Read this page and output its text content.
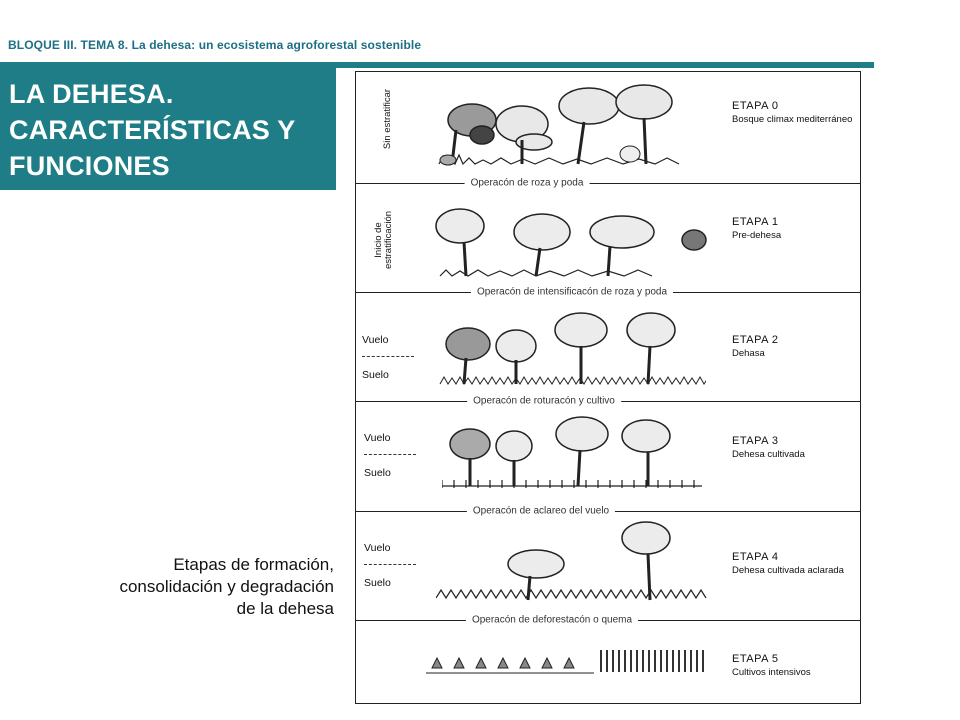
BLOQUE III. TEMA 8. La dehesa: un ecosistema agroforestal sostenible
LA DEHESA.
CARACTERÍSTICAS Y
FUNCIONES
Etapas de formación,
consolidación y degradación
de la dehesa
Sin estratificar	ETAPA 0
Bosque climax mediterráneo
Operacón de roza y poda
Inicio de estratificación	ETAPA 1
Pre-dehesa
Operacón de intensificacón de roza y poda
Vuelo
Suelo
ETAPA 2
Dehasa
Operacón de roturacón y cultivo
Vuelo
Suelo
ETAPA 3
Dehesa cultivada
Operacón de aclareo del vuelo
Vuelo
Suelo
ETAPA 4
Dehesa cultivada aclarada
Operacón de deforestacón o quema
ETAPA 5
Cultivos intensivos
